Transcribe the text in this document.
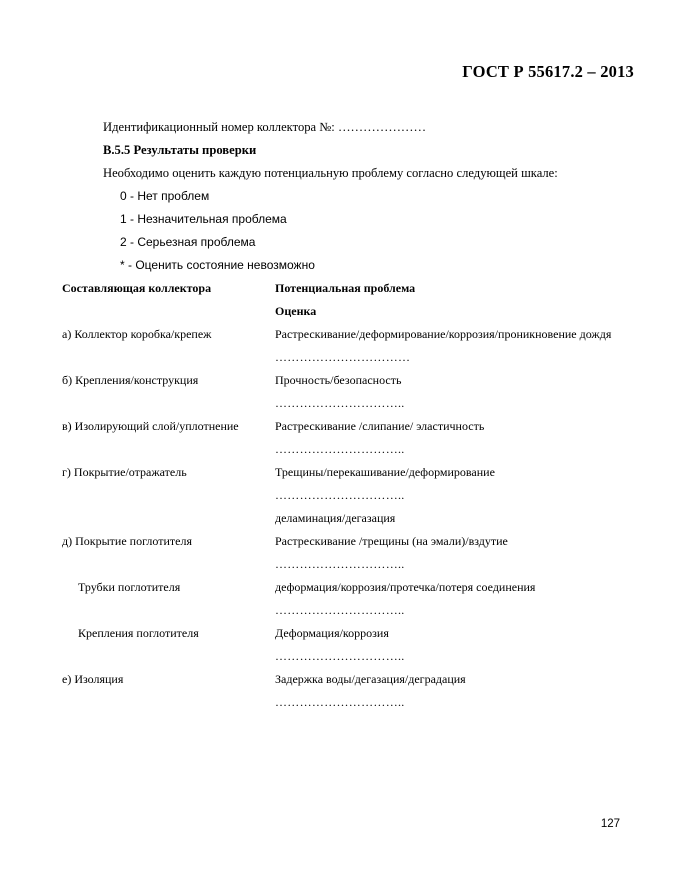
ГОСТ Р 55617.2 – 2013
Идентификационный номер коллектора №: …………………
В.5.5 Результаты проверки
Необходимо оценить каждую потенциальную проблему согласно следующей шкале:
0 - Нет проблем
1 - Незначительная проблема
2 - Серьезная проблема
* - Оценить состояние невозможно
Составляющая коллектора	Потенциальная проблема
Оценка
а) Коллектор коробка/крепеж	Растрескивание/деформирование/коррозия/проникновение дождя
……………………………
б) Крепления/конструкция	Прочность/безопасность
…………………………..
в) Изолирующий слой/уплотнение	Растрескивание /слипание/ эластичность
…………………………..
г) Покрытие/отражатель	Трещины/перекашивание/деформирование
…………………………..
деламинация/дегазация
д) Покрытие поглотителя	Растрескивание /трещины (на эмали)/вздутие
…………………………..
Трубки поглотителя	деформация/коррозия/протечка/потеря соединения
…………………………..
Крепления поглотителя	Деформация/коррозия
…………………………..
е) Изоляция	Задержка воды/дегазация/деградация
…………………………..
127
